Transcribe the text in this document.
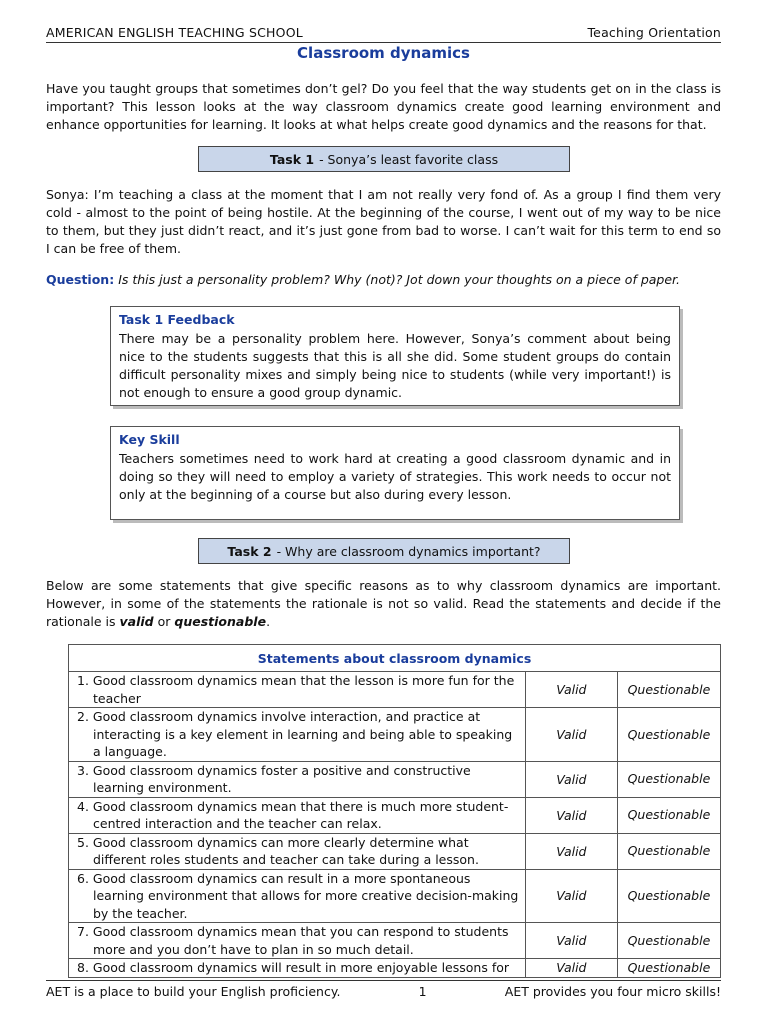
AMERICAN ENGLISH TEACHING SCHOOL	Teaching Orientation
Classroom dynamics

Have you taught groups that sometimes don’t gel? Do you feel that the way students get on in the class is important? This lesson looks at the way classroom dynamics create good learning environment and enhance opportunities for learning. It looks at what helps create good dynamics and the reasons for that.

Task 1 - Sonya’s least favorite class

Sonya: I’m teaching a class at the moment that I am not really very fond of. As a group I find them very cold - almost to the point of being hostile. At the beginning of the course, I went out of my way to be nice to them, but they just didn’t react, and it’s just gone from bad to worse. I can’t wait for this term to end so I can be free of them.

Question: Is this just a personality problem? Why (not)? Jot down your thoughts on a piece of paper.
Task 1 Feedback

There may be a personality problem here. However, Sonya’s comment about being nice to the students suggests that this is all she did. Some student groups do contain difficult personality mixes and simply being nice to students (while very important!) is not enough to ensure a good group dynamic.

Key Skill

Teachers sometimes need to work hard at creating a good classroom dynamic and in doing so they will need to employ a variety of strategies. This work needs to occur not only at the beginning of a course but also during every lesson.

Task 2 - Why are classroom dynamics important?

Below are some statements that give specific reasons as to why classroom dynamics are important. However, in some of the statements the rationale is not so valid. Read the statements and decide if the rationale is valid or questionable.

Statements about classroom dynamics		
1. Good classroom dynamics mean that the lesson is more fun for the teacher	Valid	Questionable
2. Good classroom dynamics involve interaction, and practice at interacting is a key element in learning and being able to speaking a language.	Valid	Questionable
3. Good classroom dynamics foster a positive and constructive learning environment.	Valid	Questionable
4. Good classroom dynamics mean that there is much more student-centred interaction and the teacher can relax.	Valid	Questionable
5. Good classroom dynamics can more clearly determine what different roles students and teacher can take during a lesson.	Valid	Questionable
6. Good classroom dynamics can result in a more spontaneous learning environment that allows for more creative decision-making by the teacher.	Valid	Questionable
7. Good classroom dynamics mean that you can respond to students more and you don’t have to plan in so much detail.	Valid	Questionable
8. Good classroom dynamics will result in more enjoyable lessons for	Valid	Questionable
AET is a place to build your English proficiency.	1	AET provides you four micro skills!
